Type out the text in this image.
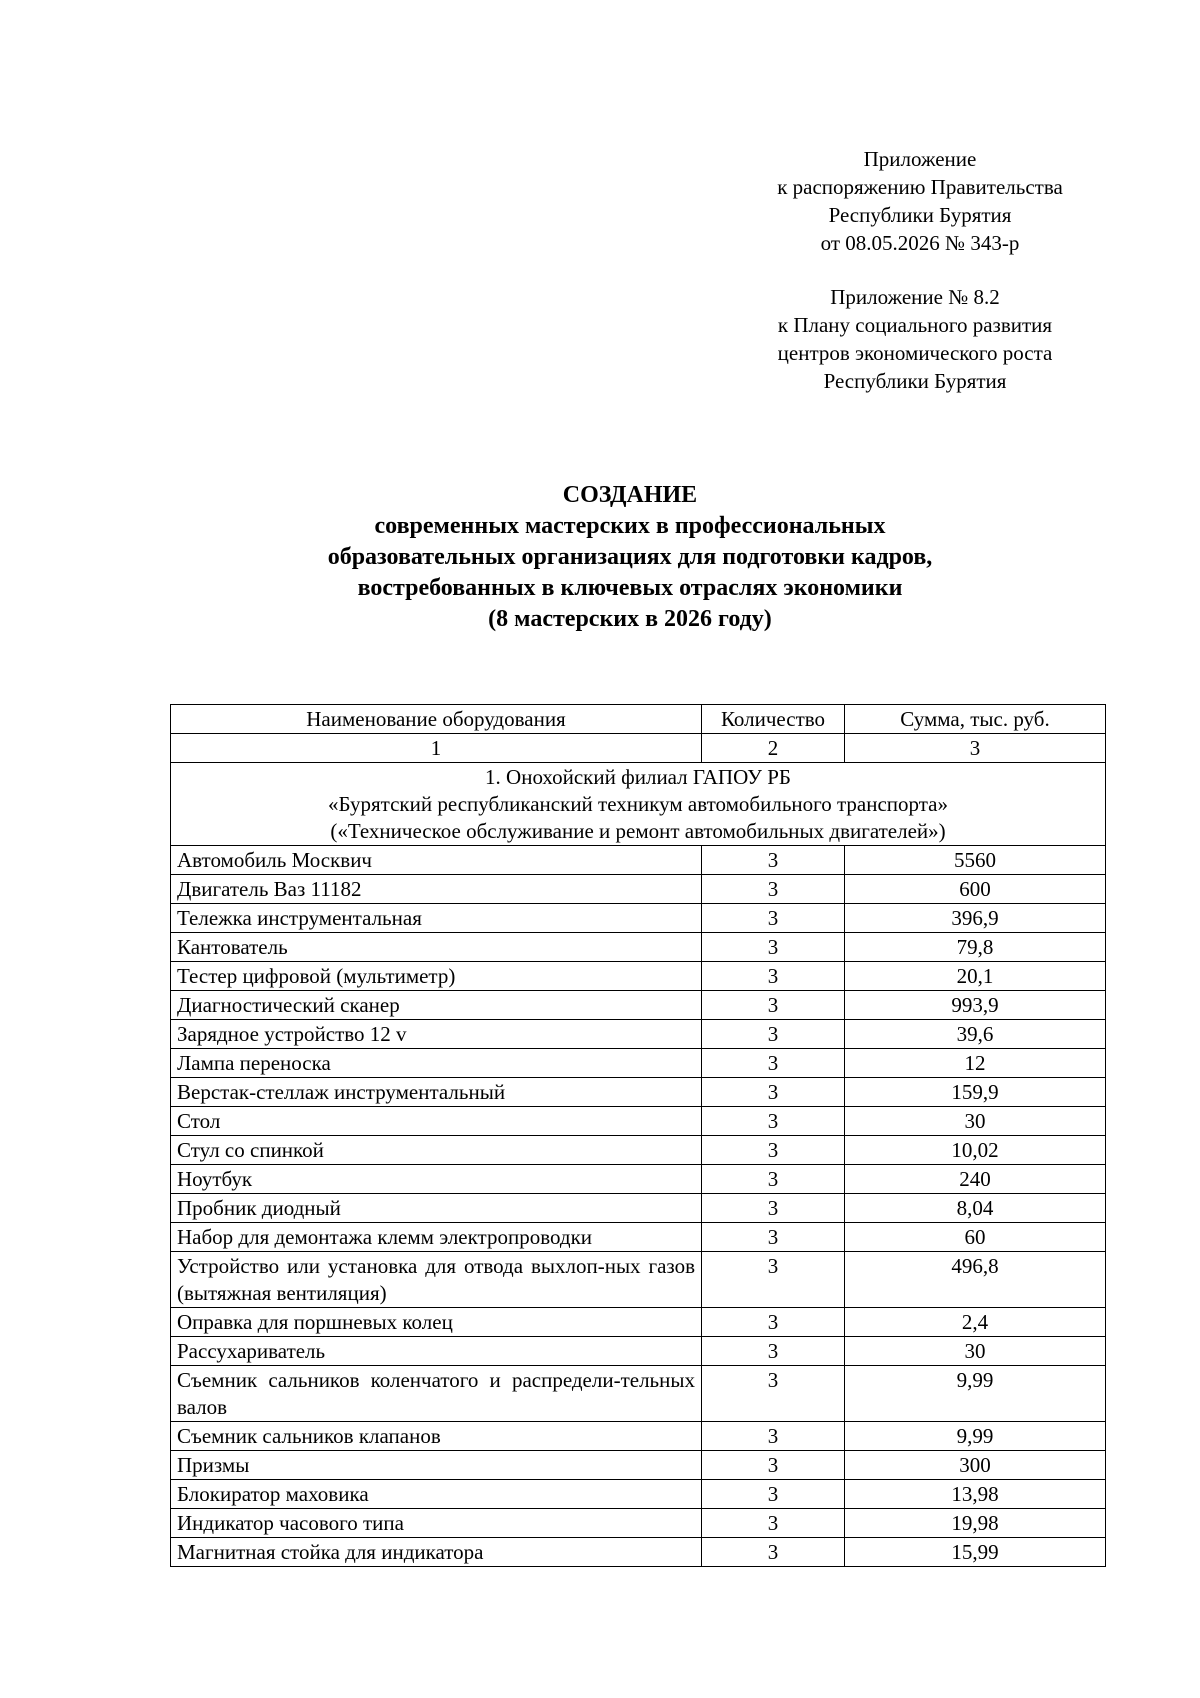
Приложение
к распоряжению Правительства
Республики Бурятия
от 08.05.2026 № 343-р
Приложение № 8.2
к Плану социального развития
центров экономического роста
Республики Бурятия
СОЗДАНИЕ
современных мастерских в профессиональных
образовательных организациях для подготовки кадров,
востребованных в ключевых отраслях экономики
(8 мастерских в 2026 году)
Наименование оборудования	Количество	Сумма, тыс. руб.
1	2	3

1. Онохойский филиал ГАПОУ РБ
«Бурятский республиканский техникум автомобильного транспорта»
(«Техническое обслуживание и ремонт автомобильных двигателей»)		

Автомобиль Москвич	3	5560
Двигатель Ваз 11182	3	600
Тележка инструментальная	3	396,9
Кантователь	3	79,8
Тестер цифровой (мультиметр)	3	20,1
Диагностический сканер	3	993,9
Зарядное устройство 12 v	3	39,6
Лампа переноска	3	12
Верстак-стеллаж инструментальный	3	159,9
Стол	3	30
Стул со спинкой	3	10,02
Ноутбук	3	240
Пробник диодный	3	8,04
Набор для демонтажа клемм электропроводки	3	60
Устройство или установка для отвода выхлоп-ных газов (вытяжная вентиляция)	3	496,8
Оправка для поршневых колец	3	2,4
Рассухариватель	3	30
Съемник сальников коленчатого и распредели-тельных валов	3	9,99
Съемник сальников клапанов	3	9,99
Призмы	3	300
Блокиратор маховика	3	13,98
Индикатор часового типа	3	19,98
Магнитная стойка для индикатора	3	15,99
